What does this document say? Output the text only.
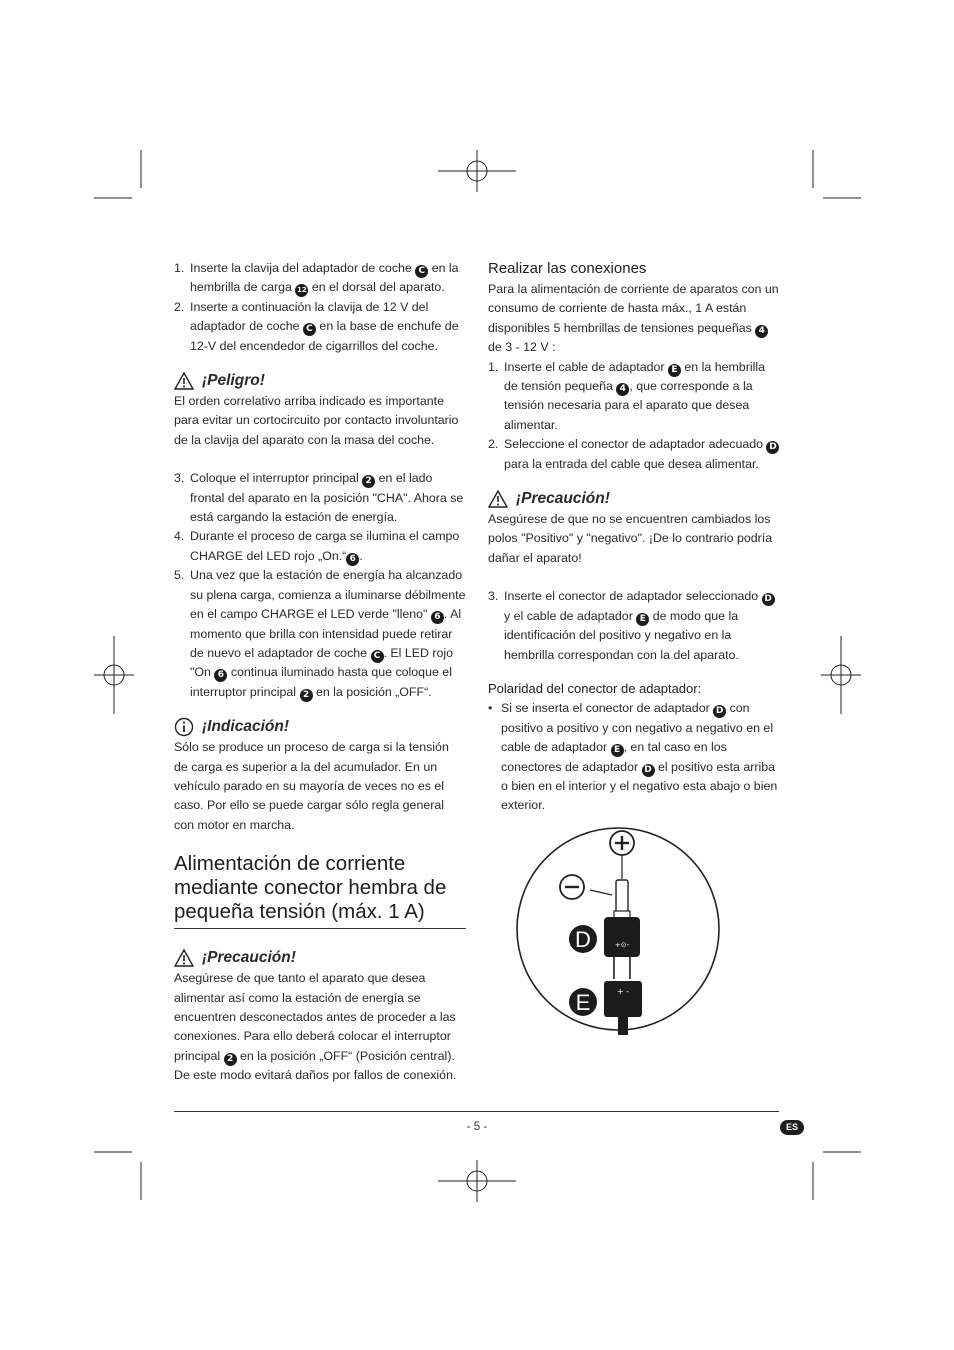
1. Inserte la clavija del adaptador de coche C en la hembrilla de carga 12 en el dorsal del aparato.
2. Inserte a continuación la clavija de 12 V del adaptador de coche C en la base de enchufe de 12-V del encendedor de cigarrillos del coche.
¡Peligro!

El orden correlativo arriba indicado es importante para evitar un cortocircuito por contacto involuntario de la clavija del aparato con la masa del coche.

3. Coloque el interruptor principal 2 en el lado frontal del aparato en la posición "CHA". Ahora se está cargando la estación de energía.
4. Durante el proceso de carga se ilumina el campo CHARGE del LED rojo „On.“ 6 .
5. Una vez que la estación de energía ha alcanzado su plena carga, comienza a iluminarse débilmente en el campo CHARGE el LED verde "lleno" 6 . Al momento que brilla con intensidad puede retirar de nuevo el adaptador de coche C . El LED rojo "On 6 continua iluminado hasta que coloque el interruptor principal 2 en la posición „OFF“.
¡Indicación!

Sólo se produce un proceso de carga si la tensión de carga es superior a la del acumulador. En un vehículo parado en su mayoría de veces no es el caso. Por ello se puede cargar sólo regla general con motor en marcha.

Alimentación de corriente mediante conector hembra de pequeña tensión (máx. 1 A)
¡Precaución!

Asegúrese de que tanto el aparato que desea alimentar así como la estación de energía se encuentren desconectados antes de proceder a las conexiones. Para ello deberá colocar el interruptor principal 2 en la posición „OFF“ (Posición central). De este modo evitará daños por fallos de conexión.

Realizar las conexiones

Para la alimentación de corriente de aparatos con un consumo de corriente de hasta máx., 1 A están disponibles 5 hembrillas de tensiones pequeñas 4 de 3 - 12 V :

1. Inserte el cable de adaptador E en la hembrilla de tensión pequeña 4 , que corresponde a la tensión necesaria para el aparato que desea alimentar.
2. Seleccione el conector de adaptador adecuado D para la entrada del cable que desea alimentar.
¡Precaución!

Asegúrese de que no se encuentren cambiados los polos "Positivo" y "negativo". ¡De lo contrario podría dañar el aparato!

3. Inserte el conector de adaptador seleccionado D y el cable de adaptador E de modo que la identificación del positivo y negativo en la hembrilla correspondan con la del aparato.
Polaridad del conector de adaptador:
• Si se inserta el conector de adaptador D con positivo a positivo y con negativo a negativo en el cable de adaptador E , en tal caso en los conectores de adaptador D el positivo esta arriba o bien en el interior y el negativo esta abajo o bien exterior.
+⊙-
+ -
D
E
- 5 -	ES
